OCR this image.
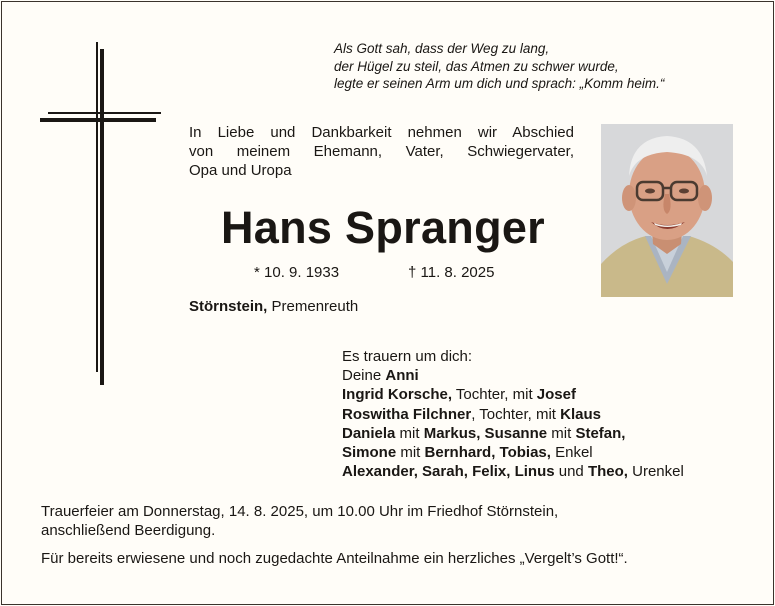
Als Gott sah, dass der Weg zu lang,
der Hügel zu steil, das Atmen zu schwer wurde,
legte er seinen Arm um dich und sprach: „Komm heim.“
In Liebe und Dankbarkeit nehmen wir Abschied
von meinem Ehemann, Vater, Schwiegervater,
Opa und Uropa
Hans Spranger
* 10. 9. 1933	† 11. 8. 2025
Störnstein, Premenreuth
Es trauern um dich:
Deine Anni
Ingrid Korsche, Tochter, mit Josef
Roswitha Filchner, Tochter, mit Klaus
Daniela mit Markus, Susanne mit Stefan,
Simone mit Bernhard, Tobias, Enkel
Alexander, Sarah, Felix, Linus und Theo, Urenkel
Trauerfeier am Donnerstag, 14. 8. 2025, um 10.00 Uhr im Friedhof Störnstein,
anschließend Beerdigung.
Für bereits erwiesene und noch zugedachte Anteilnahme ein herzliches „Vergelt’s Gott!“.
